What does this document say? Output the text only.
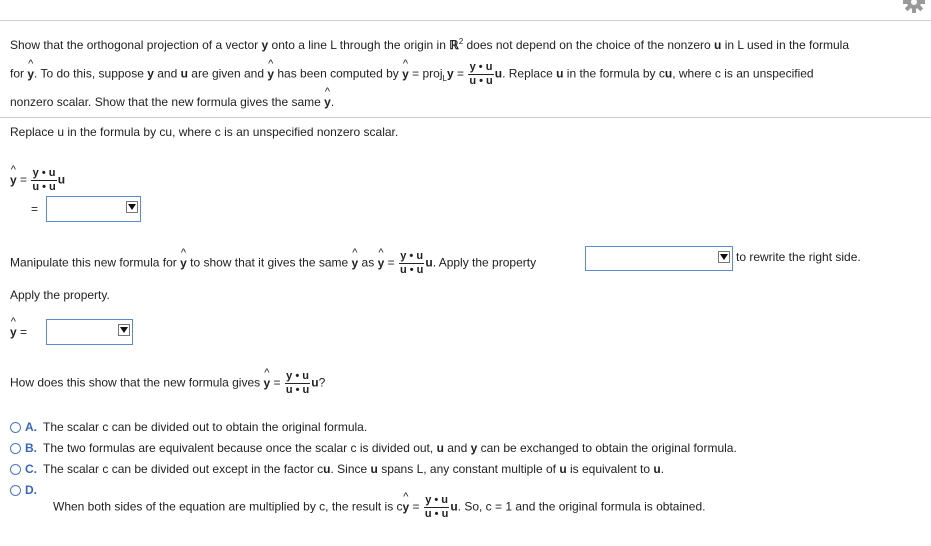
Show that the orthogonal projection of a vector y onto a line L through the origin in ℝ$^2$ does not depend on the choice of the nonzero u in L used in the formula
for ^ y. To do this, suppose y and u are given and ^ y has been computed by ^ y = proj$_L$y = $\frac{y • u}{u • u} u$. Replace u in the formula by cu, where c is an unspecified
nonzero scalar. Show that the new formula gives the same ^ y.
Replace u in the formula by cu, where c is an unspecified nonzero scalar.
^ $y = \frac{y • u}{u • u}$ u
=
Manipulate this new formula for ^ y to show that it gives the same ^ y as ^ $y = \frac{y • u}{u • u} u$. Apply the property	to rewrite the right side.
Apply the property.
^ y =
How does this show that the new formula gives ^ $y = \frac{y • u}{u • u} u$?
A. The scalar c can be divided out to obtain the original formula.
B. The two formulas are equivalent because once the scalar c is divided out, u and y can be exchanged to obtain the original formula.
C. The scalar c can be divided out except in the factor cu. Since u spans L, any constant multiple of u is equivalent to u.
D.
When both sides of the equation are multiplied by c, the result is c^ $y = \frac{y • u}{u • u} u$. So, c = 1 and the original formula is obtained.
